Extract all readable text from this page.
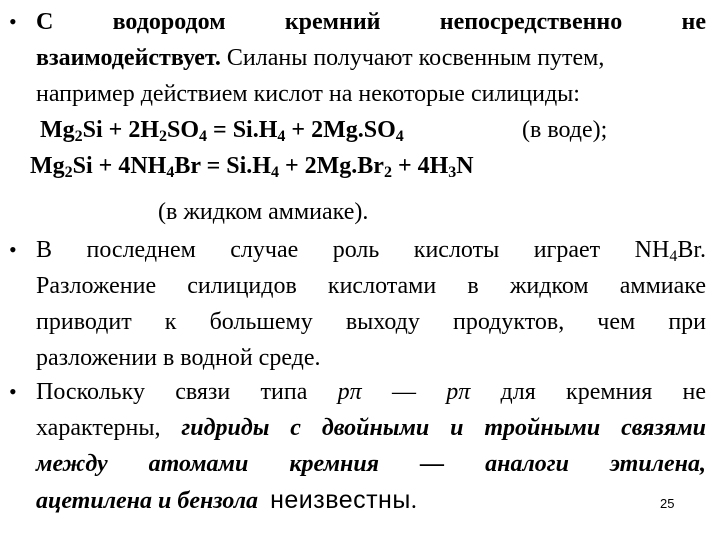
• С водородом кремний непосредственно не
взаимодействует. Силаны получают косвенным путем,
например действием кислот на некоторые силициды:
$Mg_2Si + 2H_2SO_4 = Si.H_4 + 2Mg.SO_4$	(в воде);
$Mg_2Si + 4NH_4Br = Si.H_4 + 2Mg.Br_2 + 4H_3N$
(в жидком аммиаке).
• В последнем случае роль кислоты играет $NH_4Br$.
Разложение силицидов кислотами в жидком аммиаке
приводит к большему выходу продуктов, чем при
разложении в водной среде.
• Поскольку связи типа pπ — pπ для кремния не
характерны, гидриды с двойными и тройными связями
между атомами кремния — аналоги этилена,
ацетилена и бензола неизвестны.	25
